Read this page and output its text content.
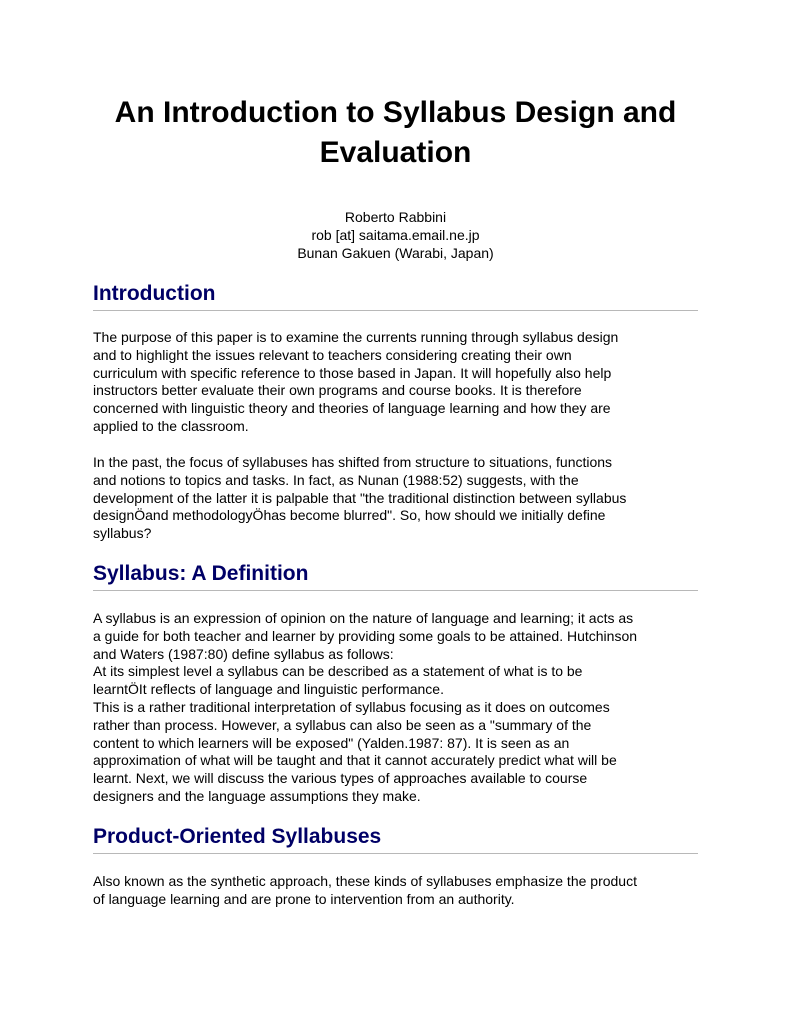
An Introduction to Syllabus Design and
Evaluation
Roberto Rabbini
rob [at] saitama.email.ne.jp
Bunan Gakuen (Warabi, Japan)
Introduction

The purpose of this paper is to examine the currents running through syllabus design
and to highlight the issues relevant to teachers considering creating their own
curriculum with specific reference to those based in Japan. It will hopefully also help
instructors better evaluate their own programs and course books. It is therefore
concerned with linguistic theory and theories of language learning and how they are
applied to the classroom.

In the past, the focus of syllabuses has shifted from structure to situations, functions
and notions to topics and tasks. In fact, as Nunan (1988:52) suggests, with the
development of the latter it is palpable that "the traditional distinction between syllabus
designÖand methodologyÖhas become blurred". So, how should we initially define
syllabus?

Syllabus: A Definition

A syllabus is an expression of opinion on the nature of language and learning; it acts as
a guide for both teacher and learner by providing some goals to be attained. Hutchinson
and Waters (1987:80) define syllabus as follows:
At its simplest level a syllabus can be described as a statement of what is to be
learntÖIt reflects of language and linguistic performance.
This is a rather traditional interpretation of syllabus focusing as it does on outcomes
rather than process. However, a syllabus can also be seen as a "summary of the
content to which learners will be exposed" (Yalden.1987: 87). It is seen as an
approximation of what will be taught and that it cannot accurately predict what will be
learnt. Next, we will discuss the various types of approaches available to course
designers and the language assumptions they make.

Product-Oriented Syllabuses

Also known as the synthetic approach, these kinds of syllabuses emphasize the product
of language learning and are prone to intervention from an authority.
